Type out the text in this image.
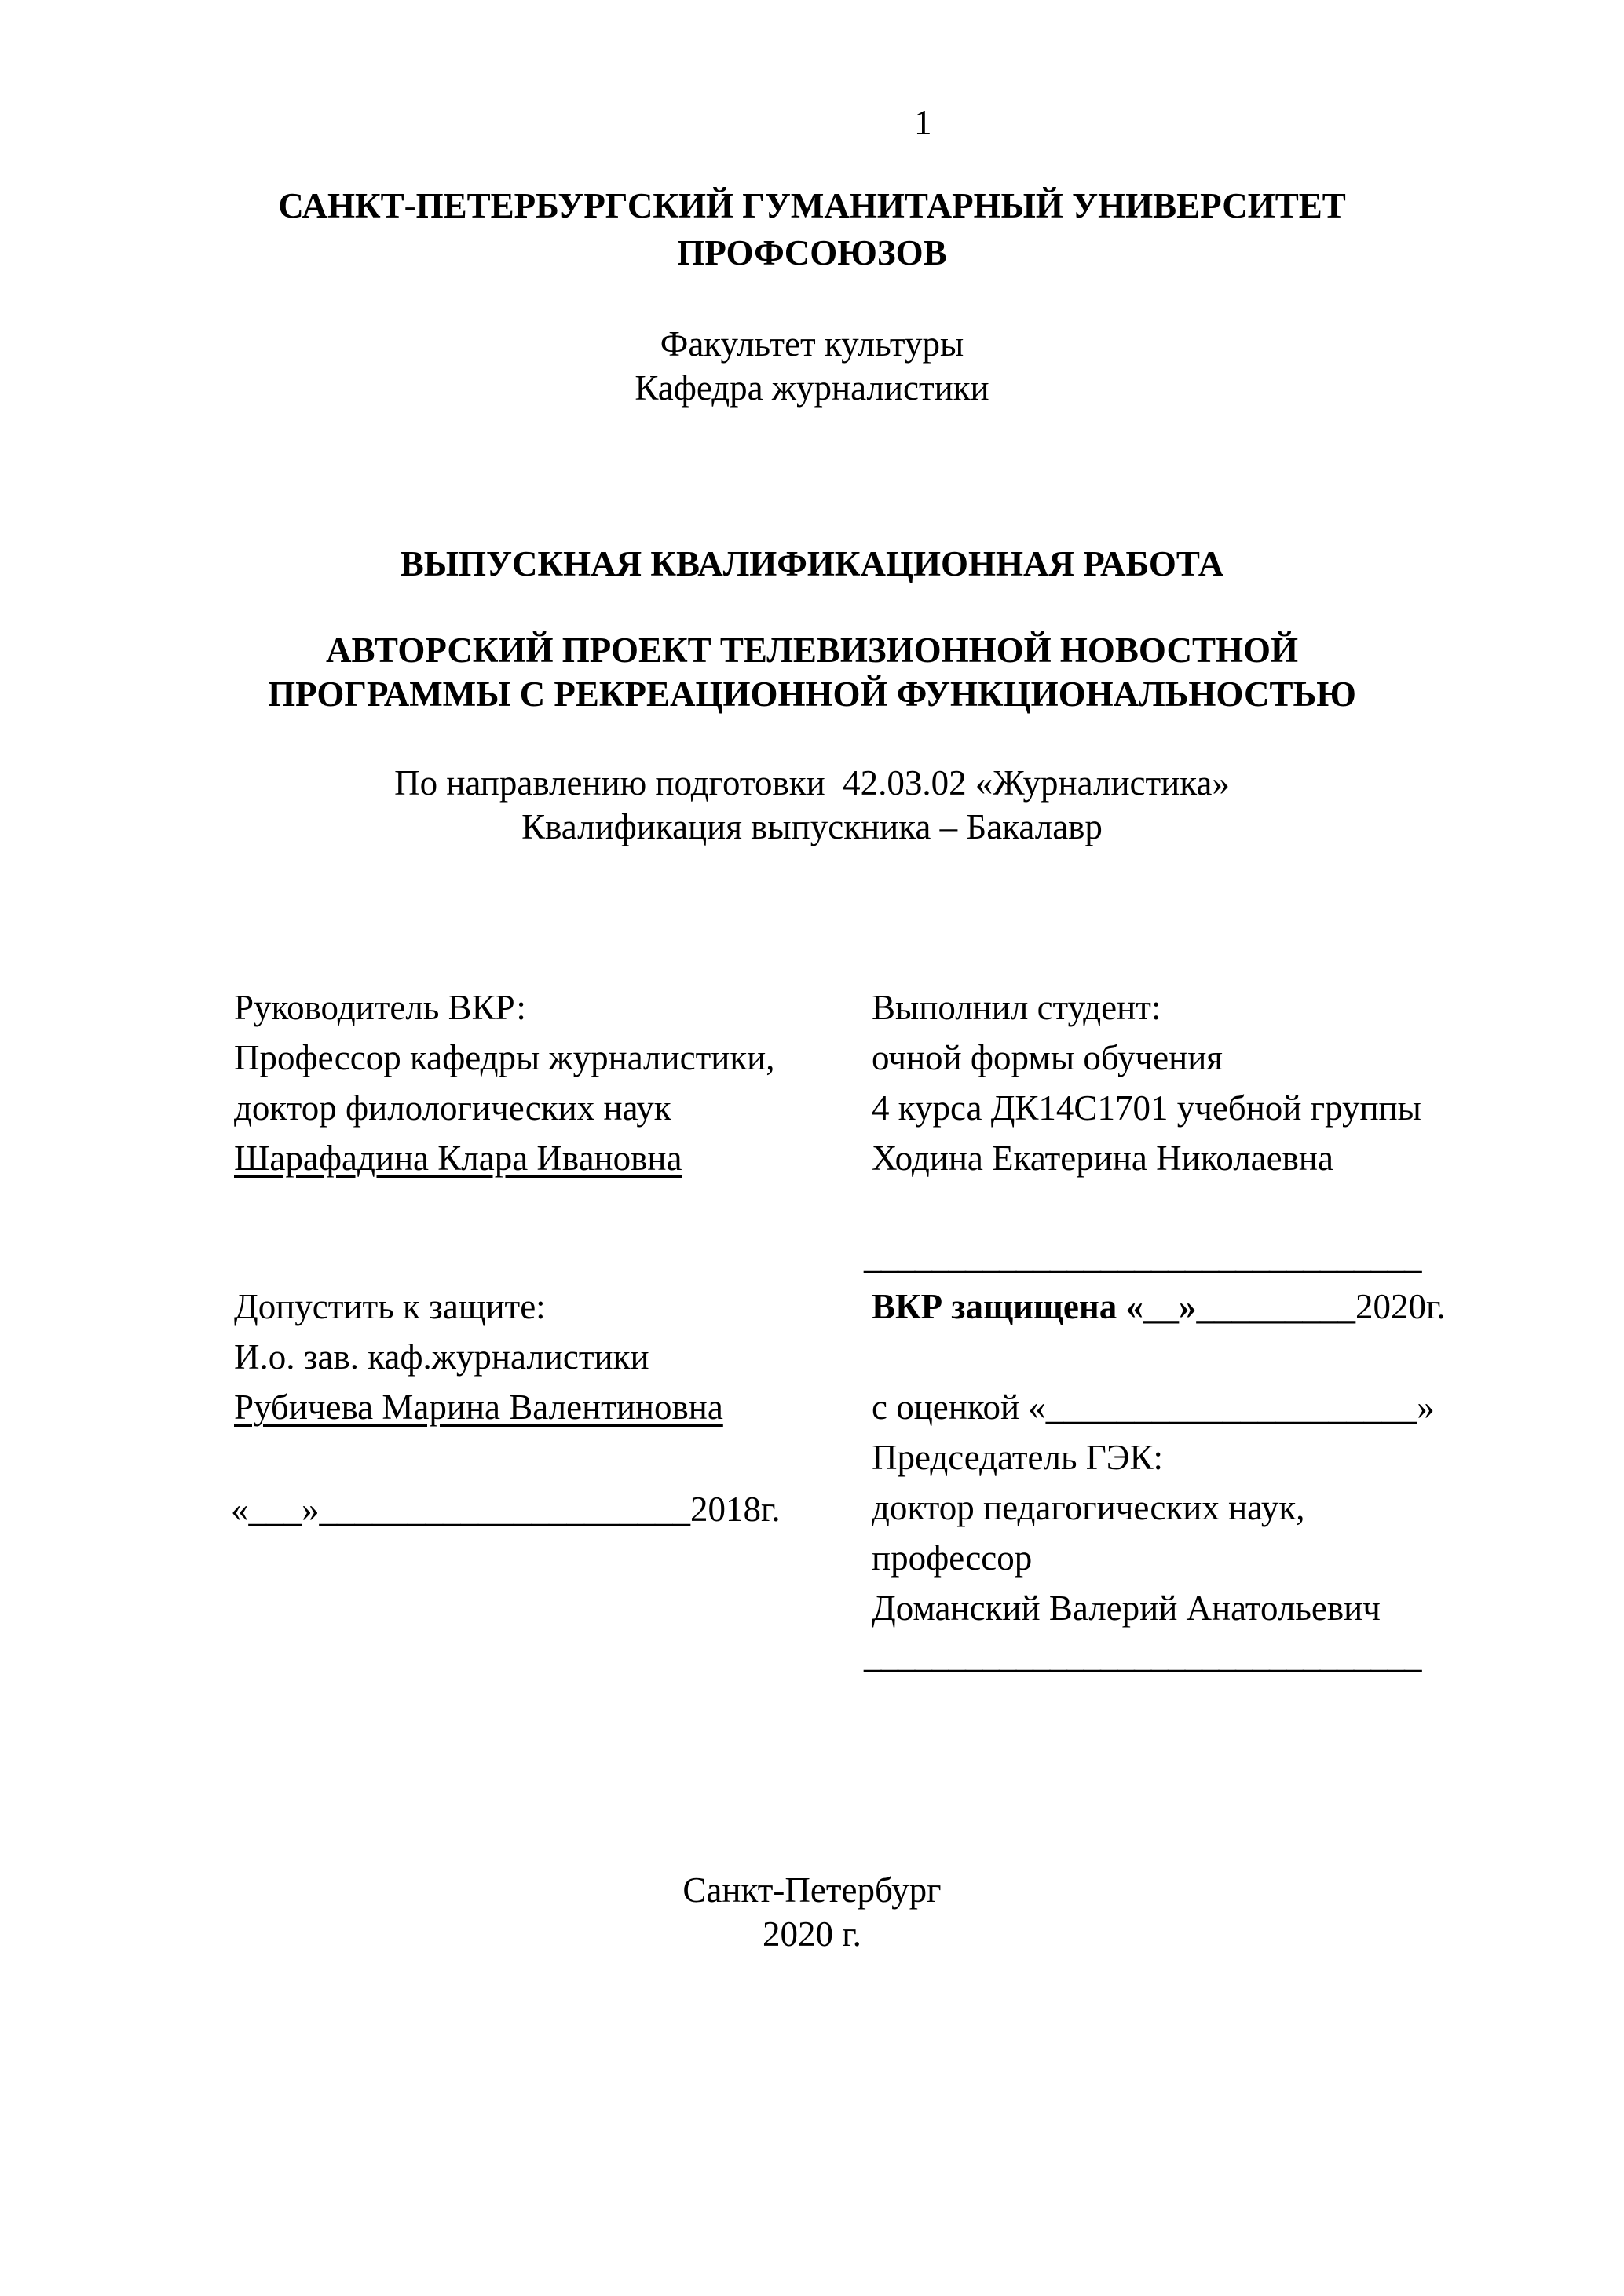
1
САНКТ-ПЕТЕРБУРГСКИЙ ГУМАНИТАРНЫЙ УНИВЕРСИТЕТ
ПРОФСОЮЗОВ
Факультет культуры
Кафедра журналистики
ВЫПУСКНАЯ КВАЛИФИКАЦИОННАЯ РАБОТА
АВТОРСКИЙ ПРОЕКТ ТЕЛЕВИЗИОННОЙ НОВОСТНОЙ
ПРОГРАММЫ С РЕКРЕАЦИОННОЙ ФУНКЦИОНАЛЬНОСТЬЮ
По направлению подготовки  42.03.02 «Журналистика»
Квалификация выпускника – Бакалавр
Руководитель ВКР:
Профессор кафедры журналистики,
доктор филологических наук
Шарафадина Клара Ивановна
Выполнил студент:
очной формы обучения
4 курса ДК14С1701 учебной группы
Ходина Екатерина Николаевна
_________________________________
Допустить к защите:
И.о. зав. каф.журналистики
Рубичева Марина Валентиновна
«___»_____________________2018г.
ВКР защищена «__»_________2020г.
с оценкой «_____________________»
Председатель ГЭК:
доктор педагогических наук,
профессор
Доманский Валерий Анатольевич
_________________________________
Санкт-Петербург
2020 г.
